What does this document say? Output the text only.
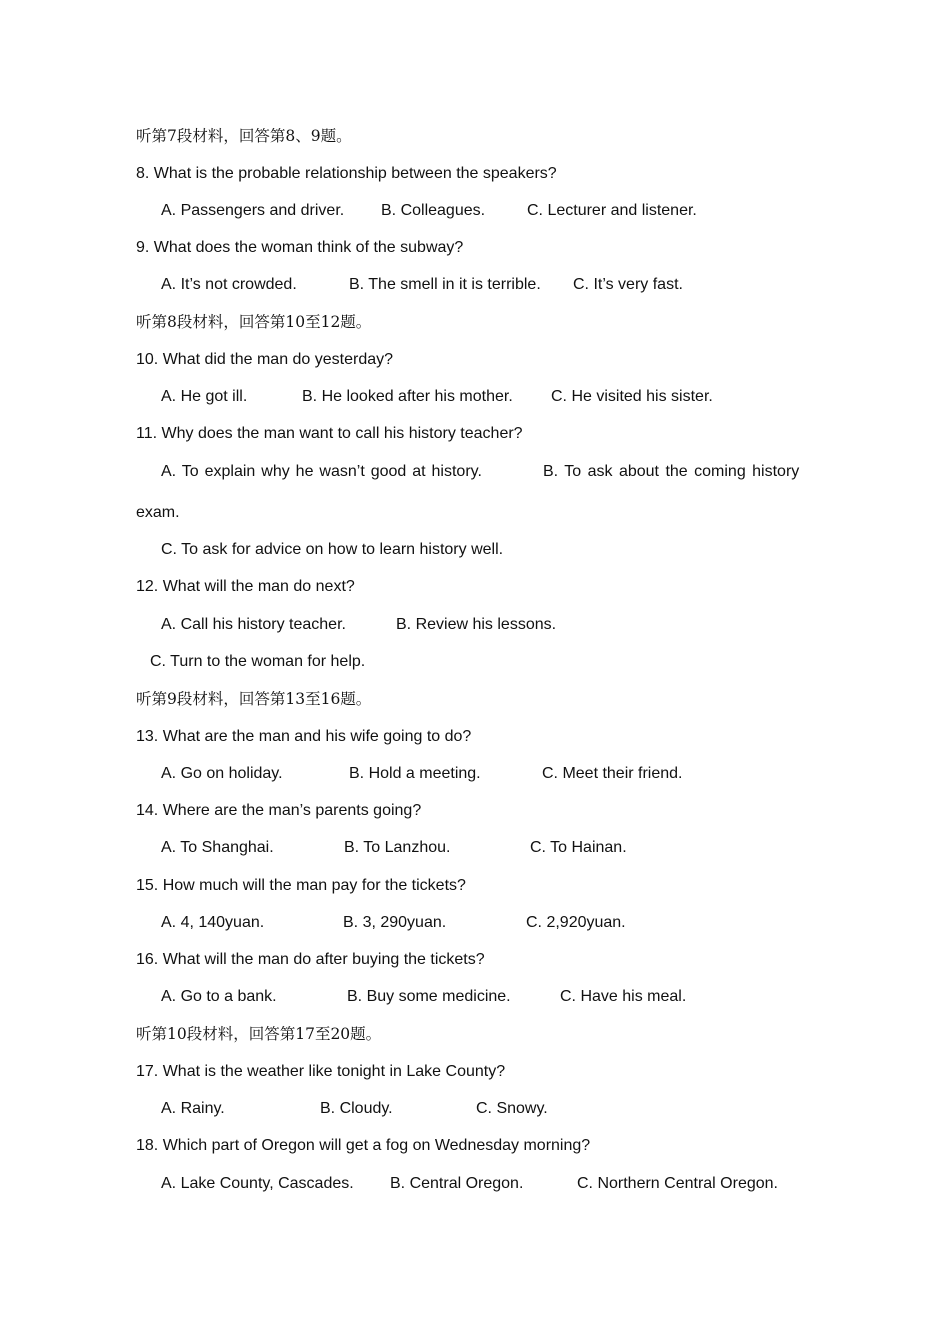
听第7段材料，回答第8、9题。
8. What is the probable relationship between the speakers?
A. Passengers and driver. B. Colleagues.	C. Lecturer and listener.
9. What does the woman think of the subway?
A. It’s not crowded.	B. The smell in it is terrible. C. It’s very fast.
听第8段材料，回答第10至12题。
10. What did the man do yesterday?
A. He got ill.	B. He looked after his mother. C. He visited his sister.
11. Why does the man want to call his history teacher?
A. To explain why he wasn’t good at history.	B. To ask about the coming history
exam.
C. To ask for advice on how to learn history well.
12. What will the man do next?
A. Call his history teacher.	B. Review his lessons.
C. Turn to the woman for help.
听第9段材料，回答第13至16题。
13. What are the man and his wife going to do?
A. Go on holiday.	B. Hold a meeting.	C. Meet their friend.
14. Where are the man’s parents going?
A. To Shanghai.	B. To Lanzhou.	C. To Hainan.
15. How much will the man pay for the tickets?
A. 4, 140yuan.	B. 3, 290yuan.	C. 2,920yuan.
16. What will the man do after buying the tickets?
A. Go to a bank.	B. Buy some medicine.	C. Have his meal.
听第10段材料，回答第17至20题。
17. What is the weather like tonight in Lake County?
A. Rainy.	B. Cloudy.	C. Snowy.
18. Which part of Oregon will get a fog on Wednesday morning?
A. Lake County, Cascades. B. Central Oregon.	C. Northern Central Oregon.
